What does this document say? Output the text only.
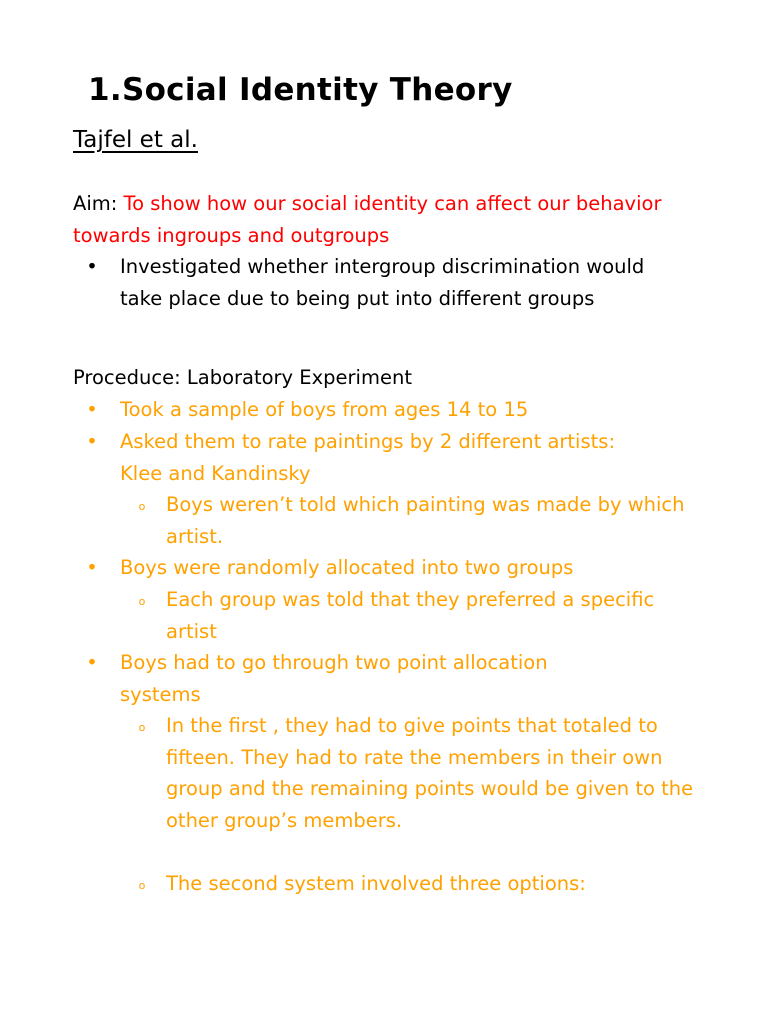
1.Social Identity Theory
Tajfel et al.
Aim: To show how our social identity can affect our behavior towards ingroups and outgroups
• Investigated whether intergroup discrimination would take place due to being put into different groups
Proceduce: Laboratory Experiment
• Took a sample of boys from ages 14 to 15
• Asked them to rate paintings by 2 different artists: Klee and Kandinsky
o	Boys weren’t told which painting was made by which artist.
• Boys were randomly allocated into two groups
o	Each group was told that they preferred a specific artist
• Boys had to go through two point allocation systems
o	In the first , they had to give points that totaled to fifteen. They had to rate the members in their own group and the remaining points would be given to the other group’s members.
o	The second system involved three options:
